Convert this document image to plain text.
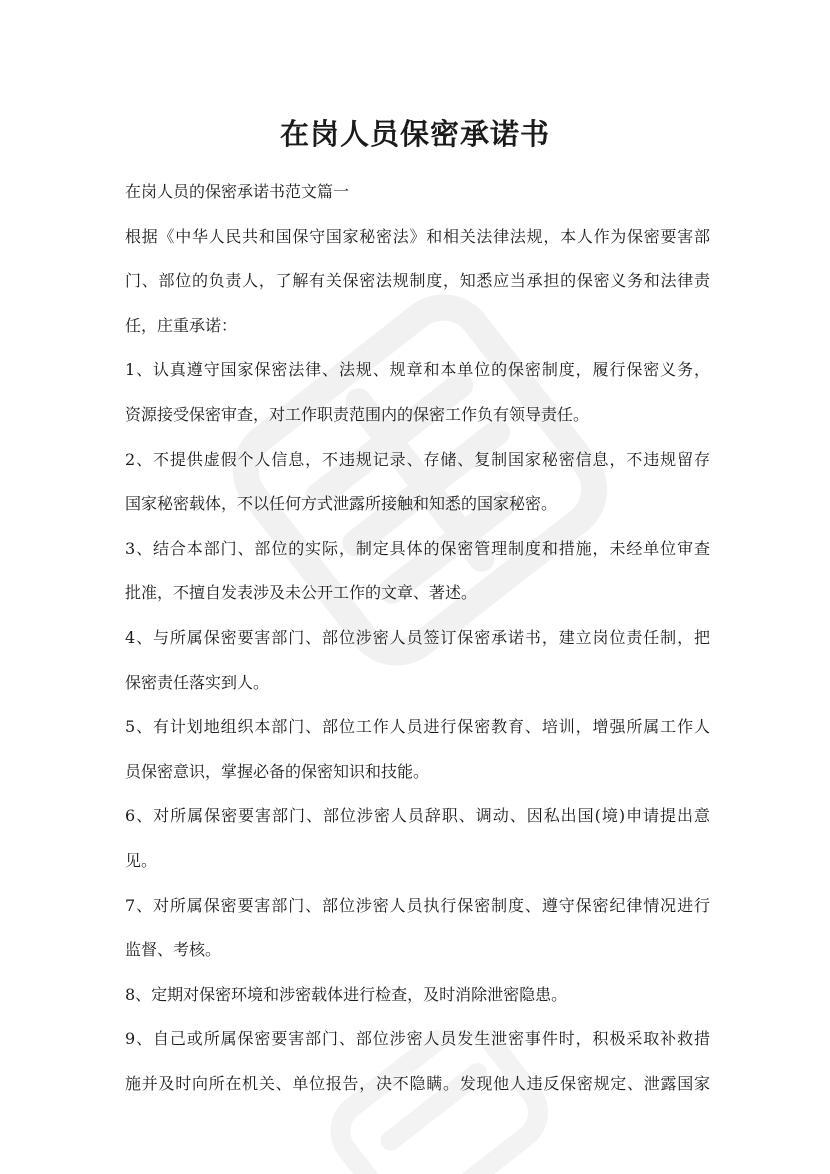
在岗人员保密承诺书

在岗人员的保密承诺书范文篇一

根据《中华人民共和国保守国家秘密法》和相关法律法规，本人作为保密要害部

门、部位的负责人，了解有关保密法规制度，知悉应当承担的保密义务和法律责

任，庄重承诺：

1、认真遵守国家保密法律、法规、规章和本单位的保密制度，履行保密义务，

资源接受保密审查，对工作职责范围内的保密工作负有领导责任。

2、不提供虚假个人信息，不违规记录、存储、复制国家秘密信息，不违规留存

国家秘密载体，不以任何方式泄露所接触和知悉的国家秘密。

3、结合本部门、部位的实际，制定具体的保密管理制度和措施，未经单位审查

批准，不擅自发表涉及未公开工作的文章、著述。

4、与所属保密要害部门、部位涉密人员签订保密承诺书，建立岗位责任制，把

保密责任落实到人。

5、有计划地组织本部门、部位工作人员进行保密教育、培训，增强所属工作人

员保密意识，掌握必备的保密知识和技能。

6、对所属保密要害部门、部位涉密人员辞职、调动、因私出国(境)申请提出意

见。

7、对所属保密要害部门、部位涉密人员执行保密制度、遵守保密纪律情况进行

监督、考核。

8、定期对保密环境和涉密载体进行检查，及时消除泄密隐患。

9、自己或所属保密要害部门、部位涉密人员发生泄密事件时，积极采取补救措

施并及时向所在机关、单位报告，决不隐瞒。发现他人违反保密规定、泄露国家
